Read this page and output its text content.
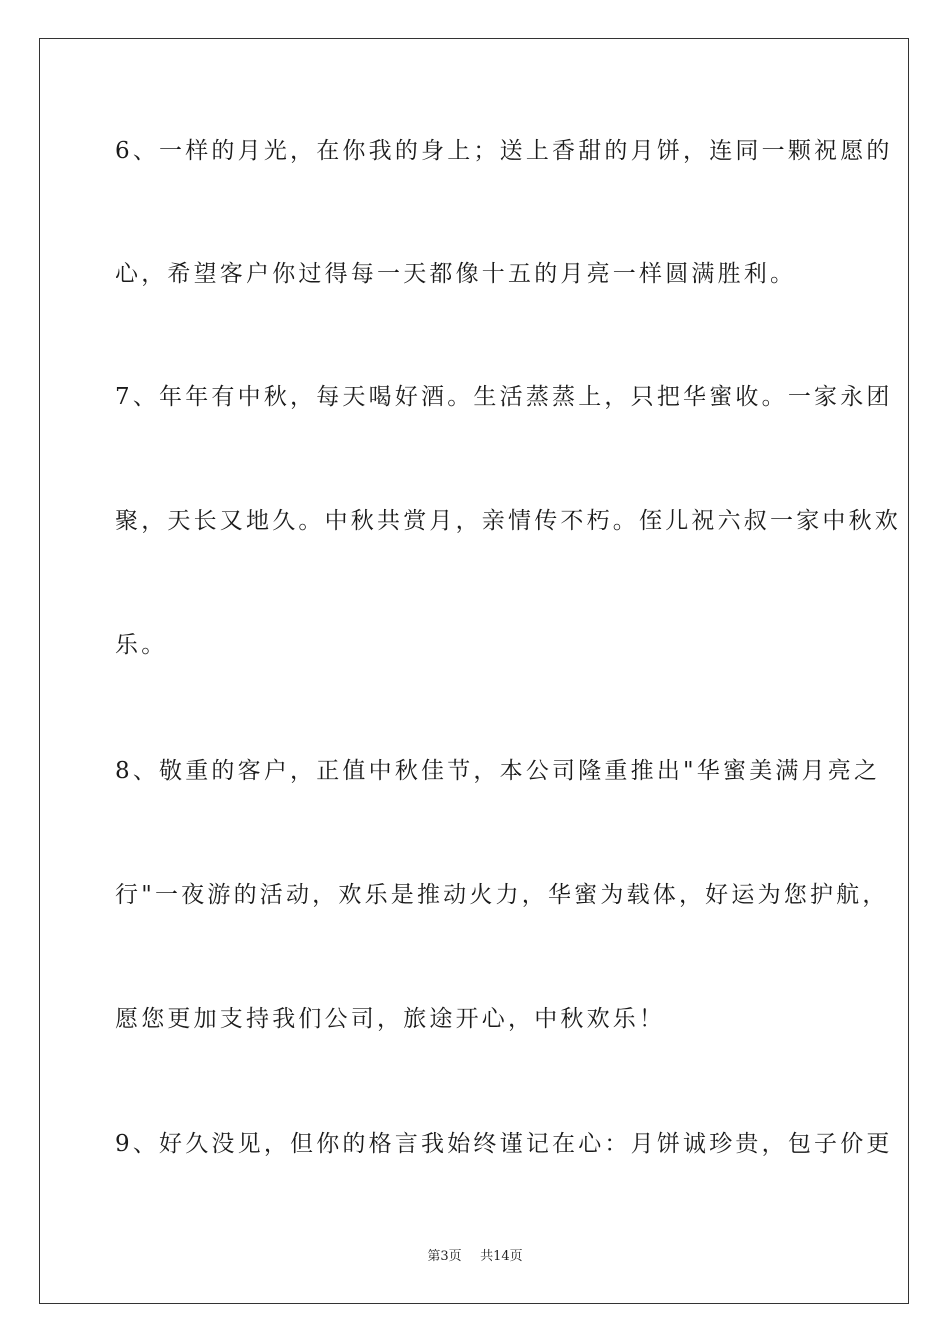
6、一样的月光，在你我的身上；送上香甜的月饼，连同一颗祝愿的
心，希望客户你过得每一天都像十五的月亮一样圆满胜利。
7、年年有中秋，每天喝好酒。生活蒸蒸上，只把华蜜收。一家永团
聚，天长又地久。中秋共赏月，亲情传不朽。侄儿祝六叔一家中秋欢
乐。
8、敬重的客户，正值中秋佳节，本公司隆重推出"华蜜美满月亮之
行"一夜游的活动，欢乐是推动火力，华蜜为载体，好运为您护航，
愿您更加支持我们公司，旅途开心，中秋欢乐！
9、好久没见，但你的格言我始终谨记在心：月饼诚珍贵，包子价更
第3页 共14页
